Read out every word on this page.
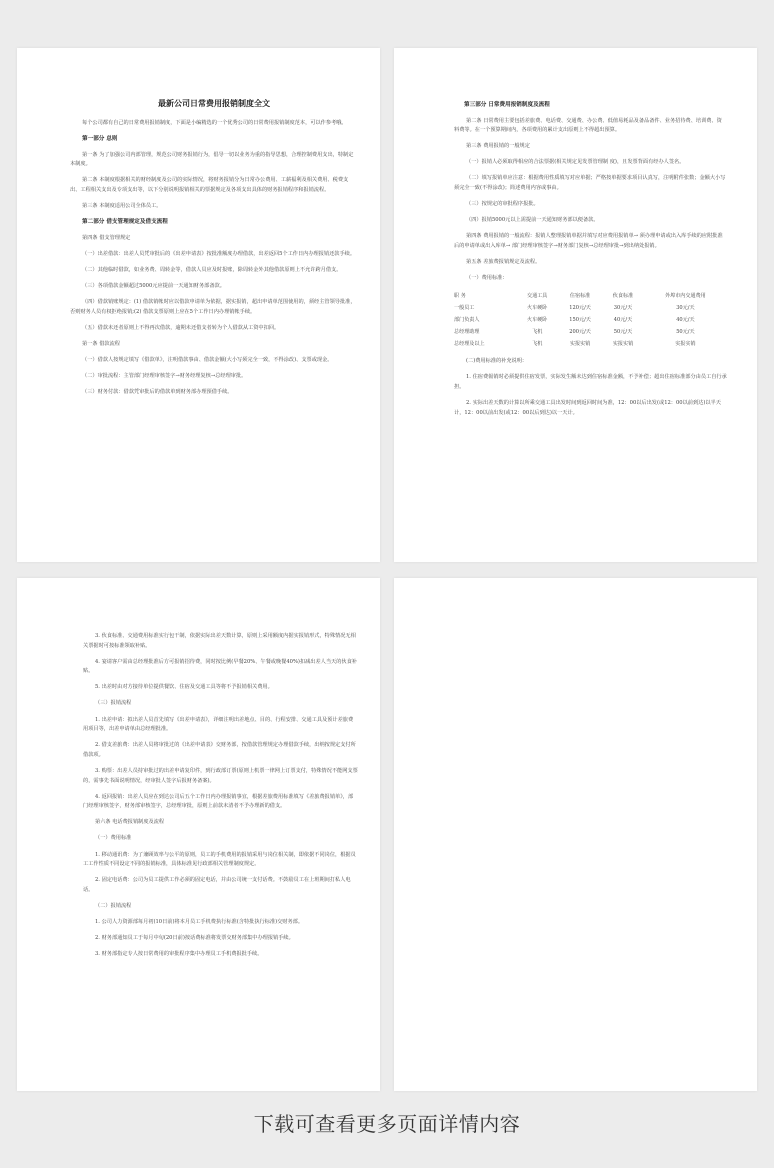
最新公司日常费用报销制度全文

每个公司都有自己的日常费用报销制度，下面是小编精选的一个优秀公司的日常费用报销制度范本，可以作参考哦。

第一部分 总则

第一条 为了加强公司内部管理，规范公司财务报销行为，倡导一切以业务为重的指导思想，合理控制费用支出，特制定本制度。

第二条 本制度根据相关的财经制度及公司的实际情况，将财务报销分为日常办公费用、工薪福利及相关费用、税费支出、工程相关支出及专项支出等，以下分别说明报销相关的票据规定及各项支出具体的财务报销程序和报销流程。

第三条 本制度适用公司全体员工。

第二部分 借支管理规定及借支流程

第四条 借支管理规定

（一）出差借款：出差人员凭审批后的《出差申请表》按批准额度办理借款，出差返回5个工作日内办理报销还款手续。

（二）其他临时借款，如业务费、周转金等，借款人员应及时报账，除周转金外其他借款原则上不允许跨月借支。

（三）各项借款金额超过5000元应提前一天通知财务部备款。

（四）借款销账规定：(1) 借款销帐时应以借款申请单为依据，据实报销，超出申请单范围使用的，须经主管领导批准，否则财务人员有权拒绝报销;(2) 借款支票原则上应在5个工作日内办理销帐手续。

（五）借款未还者原则上不得再次借款，逾期未还借支者转为个人借款从工资中扣回。

第一条 借款流程

（一）借款人按规定填写《借款单》，注明借款事由、借款金额(大小写须完全一致，不得涂改)、支票或现金。

（二）审批流程：主管部门经理审核签字→财务经理复核→总经理审批。

（三）财务付款：借款凭审批后的借款单到财务部办理预借手续。

第三部分 日常费用报销制度及流程

第二条 日常费用主要包括差旅费、电话费、交通费、办公费、低值易耗品及备品备件、业务招待费、培训费、资料费等。在一个预算期间内，各项费用的累计支出原则上不得超出预算。

第三条 费用报销的一般规定

（一）报销人必须取得相应的合法票据(相关规定见发票管理制 度)，且发票背面有经办人签名。

（二）填写报销单应注意：根据费用性质填写对应单据；严格按单据要求项目认真写，注明附件张数；金额大小写须完全一致(不得涂改)；简述费用内容或事由。

（三）按规定的审批程序报批。

（四）报销5000元以上需提前一天通知财务部以便备款。

第四条 费用报销的一般流程：报销人整理报销单据并填写对应费用报销单→ 须办理申请或出入库手续的应附批准后的申请单或出入库单→ 部门经理审核签字→财务部门复核→总经理审批→到出纳处报销。

第五条 差旅费报销规定及流程。

（一）费用标准：

职 务	交通工具	住宿标准	伙食标准	外埠市内交通费用
一般员工	火车硬卧	120元/天	30元/天	30元/天
部门负责人	火车硬卧	150元/天	40元/天	40元/天
总经理助理	飞机	200元/天	50元/天	50元/天
总经理及以上	飞机	实报实销	实报实销	实报实销

(二)费用标准的补充说明：

1. 住宿费報销时必须提供住宿发票，实际发生额未达到住宿标准金额，不予补偿；超出住宿标准部分由员工自行承担。

2. 实际出差天数的计算以所乘交通工具出发时间到返回时间为准，12：00以后出发(或12：00以前到达)以半天计，12：00以前出发(或12：00以后到达)以一天计。

3. 伙食标准、交通费用标准实行包干制，依据实际出差天数计算，原则上采用额度内据实报销形式，特殊情况无相关票据时可按标准领取补贴。

4. 宴请客户需由总经理批准后方可报销招待费，同时按比例(早餐20%、午餐或晚餐40%)扣减出差人当天的伙食补贴。

5. 出差时由对方接待单位提供餐饮、住宿及交通工具等将不予报销相关费用。

（三）报销流程

1. 出差申请：拟出差人员首先填写《出差申请表》，详细注明出差地点、目的、行程安排、交通工具及预计差旅费用项目等，出差申请单由总经理批准。

2. 借支差旅费：出差人员将审批过的《出差申请表》交财务部，按借款管理规定办理借款手续，出纳按规定支付所借款项。

3. 购票：出差人员持审批过的出差申请复印件，到行政部订票(原则上机票一律网上订票支付，特殊情况不能网支票的，需事先书面说明情况，经审批人签字后报财务备案)。

4. 返回报销：出差人员应在到达公司后五个工作日内办理报销事宜，根据差旅费用标准填写《差旅费报销单》，部门经理审核签字，财务部审核签字，总经理审批，原则上前款未清者不予办理新的借支。

第六条 电话费报销制度及流程

（一）费用标准

1. 移动通讯费：为了兼顾效率与公平的原则，员工的手机费用的报销采用与岗位相关制，即依据不同岗位，根据员工工作性质不同设定不同的报销标准，具体标准见行政部相关管理制度规定。

2. 固定电话费：公司为员工提供工作必须的固定电话，并由公司统一支付话费。不鼓励员工在上班期间打私人电话。

（二）报销流程

1. 公司人力资源部每月初(10日前)将本月员工手机费执行标准(含特批执行标准)交财务部。

2. 财务部通知员工于每月中旬(20日前)按话费标准将发票交财务部集中办理报销手续。

3. 财务部指定专人按日常费用的审批程序集中办理员工手机费报批手续。

下载可查看更多页面详情内容
